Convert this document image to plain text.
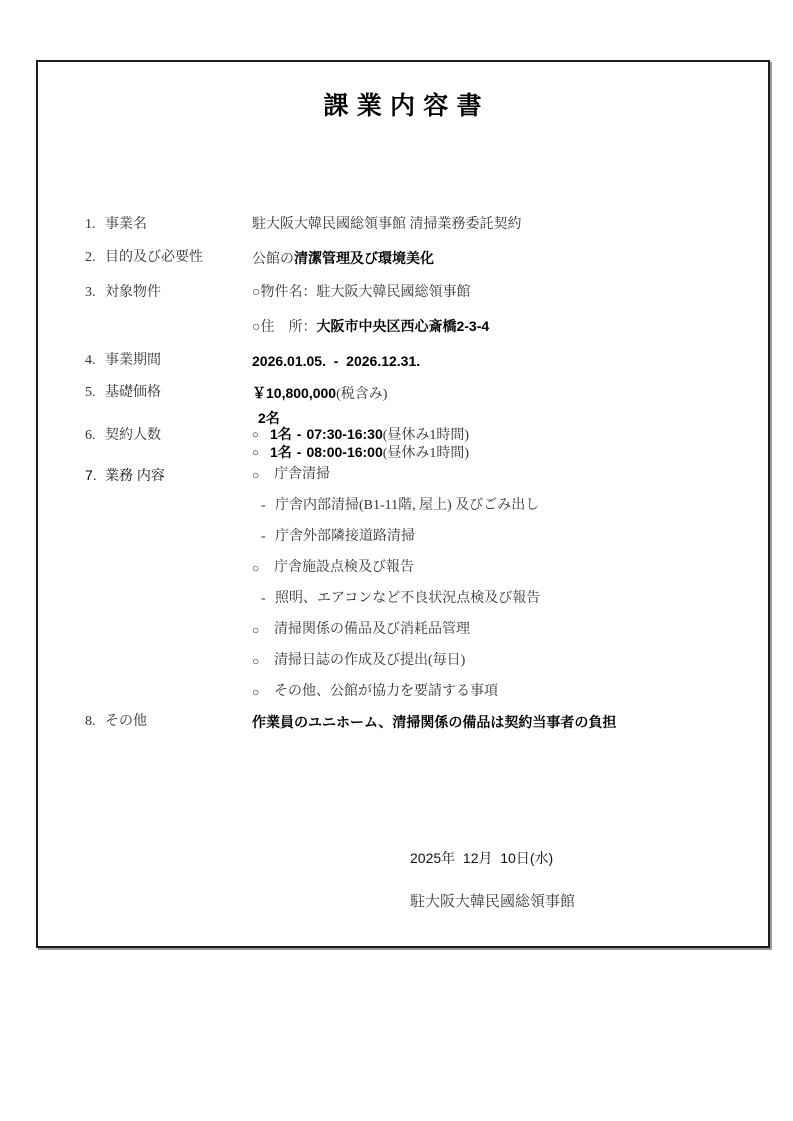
課 業 内 容 書
1. 事業名	駐大阪大韓民國総領事館 清掃業務委託契約
2. 目的及び必要性	公館の清潔管理及び環境美化
3. 対象物件	○物件名：駐大阪大韓民國総領事館
○住　所：大阪市中央区西心斎橋2-3-4
4. 事業期間	2026.01.05.  -  2026.12.31.
5. 基礎価格	￥10,800,000(税含み)
6. 契約人数
2名
○ 1名 - 07:30-16:30(昼休み1時間)
○ 1名 - 08:00-16:00(昼休み1時間)
7. 業務 内容	○	庁舎清掃
- 庁舎内部清掃(B1-11階, 屋上) 及びごみ出し
- 庁舎外部隣接道路清掃
○	庁舎施設点検及び報告
- 照明、エアコンなど不良状況点検及び報告
○	清掃関係の備品及び消耗品管理
○	清掃日誌の作成及び提出(毎日)
○	その他、公館が協力を要請する事項
8. その他	作業員のユニホーム、清掃関係の備品は契約当事者の負担
2025年  12月  10日(水)
駐大阪大韓民國総領事館
